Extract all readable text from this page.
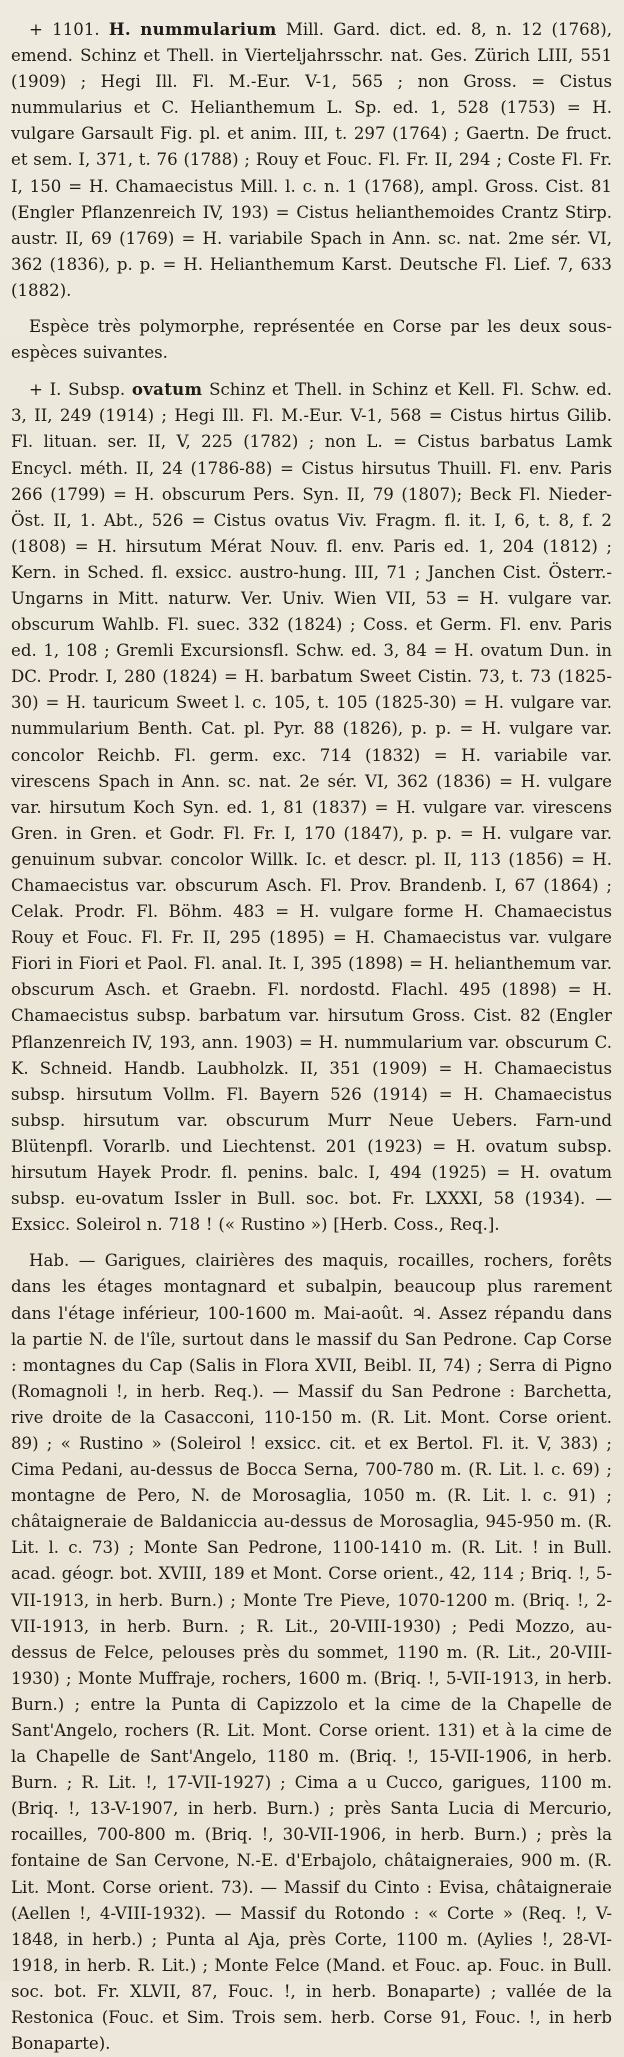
+ 1101. H. nummularium Mill. Gard. dict. ed. 8, n. 12 (1768), emend. Schinz et Thell. in Vierteljahrsschr. nat. Ges. Zürich LIII, 551 (1909) ; Hegi Ill. Fl. M.-Eur. V-1, 565 ; non Gross. = Cistus nummularius et C. Helianthemum L. Sp. ed. 1, 528 (1753) = H. vulgare Garsault Fig. pl. et anim. III, t. 297 (1764) ; Gaertn. De fruct. et sem. I, 371, t. 76 (1788) ; Rouy et Fouc. Fl. Fr. II, 294 ; Coste Fl. Fr. I, 150 = H. Chamaecistus Mill. l. c. n. 1 (1768), ampl. Gross. Cist. 81 (Engler Pflanzenreich IV, 193) = Cistus helianthemoides Crantz Stirp. austr. II, 69 (1769) = H. variabile Spach in Ann. sc. nat. 2me sér. VI, 362 (1836), p. p. = H. Helianthemum Karst. Deutsche Fl. Lief. 7, 633 (1882).

Espèce très polymorphe, représentée en Corse par les deux sous-espèces suivantes.

+ I. Subsp. ovatum Schinz et Thell. in Schinz et Kell. Fl. Schw. ed. 3, II, 249 (1914) ; Hegi Ill. Fl. M.-Eur. V-1, 568 = Cistus hirtus Gilib. Fl. lituan. ser. II, V, 225 (1782) ; non L. = Cistus barbatus Lamk Encycl. méth. II, 24 (1786-88) = Cistus hirsutus Thuill. Fl. env. Paris 266 (1799) = H. obscurum Pers. Syn. II, 79 (1807); Beck Fl. Nieder-Öst. II, 1. Abt., 526 = Cistus ovatus Viv. Fragm. fl. it. I, 6, t. 8, f. 2 (1808) = H. hirsutum Mérat Nouv. fl. env. Paris ed. 1, 204 (1812) ; Kern. in Sched. fl. exsicc. austro-hung. III, 71 ; Janchen Cist. Österr.-Ungarns in Mitt. naturw. Ver. Univ. Wien VII, 53 = H. vulgare var. obscurum Wahlb. Fl. suec. 332 (1824) ; Coss. et Germ. Fl. env. Paris ed. 1, 108 ; Gremli Excursionsfl. Schw. ed. 3, 84 = H. ovatum Dun. in DC. Prodr. I, 280 (1824) = H. barbatum Sweet Cistin. 73, t. 73 (1825-30) = H. tauricum Sweet l. c. 105, t. 105 (1825-30) = H. vulgare var. nummularium Benth. Cat. pl. Pyr. 88 (1826), p. p. = H. vulgare var. concolor Reichb. Fl. germ. exc. 714 (1832) = H. variabile var. virescens Spach in Ann. sc. nat. 2e sér. VI, 362 (1836) = H. vulgare var. hirsutum Koch Syn. ed. 1, 81 (1837) = H. vulgare var. virescens Gren. in Gren. et Godr. Fl. Fr. I, 170 (1847), p. p. = H. vulgare var. genuinum subvar. concolor Willk. Ic. et descr. pl. II, 113 (1856) = H. Chamaecistus var. obscurum Asch. Fl. Prov. Brandenb. I, 67 (1864) ; Celak. Prodr. Fl. Böhm. 483 = H. vulgare forme H. Chamaecistus Rouy et Fouc. Fl. Fr. II, 295 (1895) = H. Chamaecistus var. vulgare Fiori in Fiori et Paol. Fl. anal. It. I, 395 (1898) = H. helianthemum var. obscurum Asch. et Graebn. Fl. nordostd. Flachl. 495 (1898) = H. Chamaecistus subsp. barbatum var. hirsutum Gross. Cist. 82 (Engler Pflanzenreich IV, 193, ann. 1903) = H. nummularium var. obscurum C. K. Schneid. Handb. Laubholzk. II, 351 (1909) = H. Chamaecistus subsp. hirsutum Vollm. Fl. Bayern 526 (1914) = H. Chamaecistus subsp. hirsutum var. obscurum Murr Neue Uebers. Farn-und Blütenpfl. Vorarlb. und Liechtenst. 201 (1923) = H. ovatum subsp. hirsutum Hayek Prodr. fl. penins. balc. I, 494 (1925) = H. ovatum subsp. eu-ovatum Issler in Bull. soc. bot. Fr. LXXXI, 58 (1934). — Exsicc. Soleirol n. 718 ! (« Rustino ») [Herb. Coss., Req.].

Hab. — Garigues, clairières des maquis, rocailles, rochers, forêts dans les étages montagnard et subalpin, beaucoup plus rarement dans l'étage inférieur, 100-1600 m. Mai-août. ♃. Assez répandu dans la partie N. de l'île, surtout dans le massif du San Pedrone. Cap Corse : montagnes du Cap (Salis in Flora XVII, Beibl. II, 74) ; Serra di Pigno (Romagnoli !, in herb. Req.). — Massif du San Pedrone : Barchetta, rive droite de la Casacconi, 110-150 m. (R. Lit. Mont. Corse orient. 89) ; « Rustino » (Soleirol ! exsicc. cit. et ex Bertol. Fl. it. V, 383) ; Cima Pedani, au-dessus de Bocca Serna, 700-780 m. (R. Lit. l. c. 69) ; montagne de Pero, N. de Morosaglia, 1050 m. (R. Lit. l. c. 91) ; châtaigneraie de Baldaniccia au-dessus de Morosaglia, 945-950 m. (R. Lit. l. c. 73) ; Monte San Pedrone, 1100-1410 m. (R. Lit. ! in Bull. acad. géogr. bot. XVIII, 189 et Mont. Corse orient., 42, 114 ; Briq. !, 5-VII-1913, in herb. Burn.) ; Monte Tre Pieve, 1070-1200 m. (Briq. !, 2-VII-1913, in herb. Burn. ; R. Lit., 20-VIII-1930) ; Pedi Mozzo, au-dessus de Felce, pelouses près du sommet, 1190 m. (R. Lit., 20-VIII-1930) ; Monte Muffraje, rochers, 1600 m. (Briq. !, 5-VII-1913, in herb. Burn.) ; entre la Punta di Capizzolo et la cime de la Chapelle de Sant'Angelo, rochers (R. Lit. Mont. Corse orient. 131) et à la cime de la Chapelle de Sant'Angelo, 1180 m. (Briq. !, 15-VII-1906, in herb. Burn. ; R. Lit. !, 17-VII-1927) ; Cima a u Cucco, garigues, 1100 m. (Briq. !, 13-V-1907, in herb. Burn.) ; près Santa Lucia di Mercurio, rocailles, 700-800 m. (Briq. !, 30-VII-1906, in herb. Burn.) ; près la fontaine de San Cervone, N.-E. d'Erbajolo, châtaigneraies, 900 m. (R. Lit. Mont. Corse orient. 73). — Massif du Cinto : Evisa, châtaigneraie (Aellen !, 4-VIII-1932). — Massif du Rotondo : « Corte » (Req. !, V-1848, in herb.) ; Punta al Aja, près Corte, 1100 m. (Aylies !, 28-VI-1918, in herb. R. Lit.) ; Monte Felce (Mand. et Fouc. ap. Fouc. in Bull. soc. bot. Fr. XLVII, 87, Fouc. !, in herb. Bonaparte) ; vallée de la Restonica (Fouc. et Sim. Trois sem. herb. Corse 91, Fouc. !, in herb Bonaparte).
